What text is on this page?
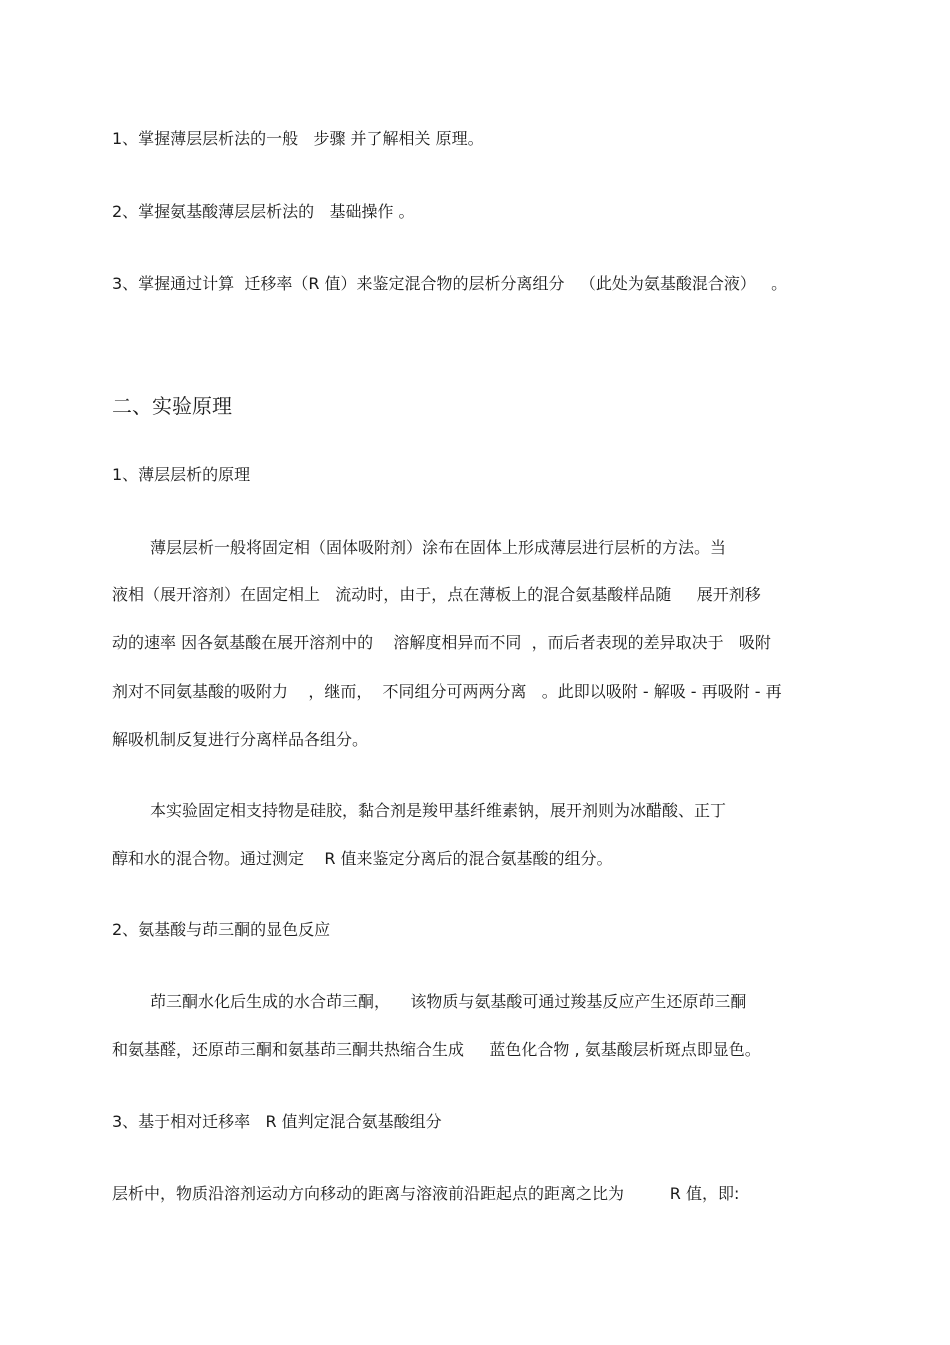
1、掌握薄层层析法的一般   步骤 并了解相关 原理。
2、掌握氨基酸薄层层析法的   基础操作 。
3、掌握通过计算  迁移率（R 值）来鉴定混合物的层析分离组分   （此处为氨基酸混合液）   。
二、实验原理
1、薄层层析的原理
薄层层析一般将固定相（固体吸附剂）涂布在固体上形成薄层进行层析的方法。当
液相（展开溶剂）在固定相上   流动时，由于，点在薄板上的混合氨基酸样品随     展开剂移
动的速率 因各氨基酸在展开溶剂中的    溶解度相异而不同  ，而后者表现的差异取决于   吸附
剂对不同氨基酸的吸附力    ，继而，  不同组分可两两分离   。此即以吸附 - 解吸 - 再吸附 - 再
解吸机制反复进行分离样品各组分。
本实验固定相支持物是硅胶，黏合剂是羧甲基纤维素钠，展开剂则为冰醋酸、正丁
醇和水的混合物。通过测定    R 值来鉴定分离后的混合氨基酸的组分。
2、氨基酸与茚三酮的显色反应
茚三酮水化后生成的水合茚三酮，    该物质与氨基酸可通过羧基反应产生还原茚三酮
和氨基醛，还原茚三酮和氨基茚三酮共热缩合生成     蓝色化合物 , 氨基酸层析斑点即显色。
3、基于相对迁移率   R 值判定混合氨基酸组分
层析中，物质沿溶剂运动方向移动的距离与溶液前沿距起点的距离之比为         R 值，即:
